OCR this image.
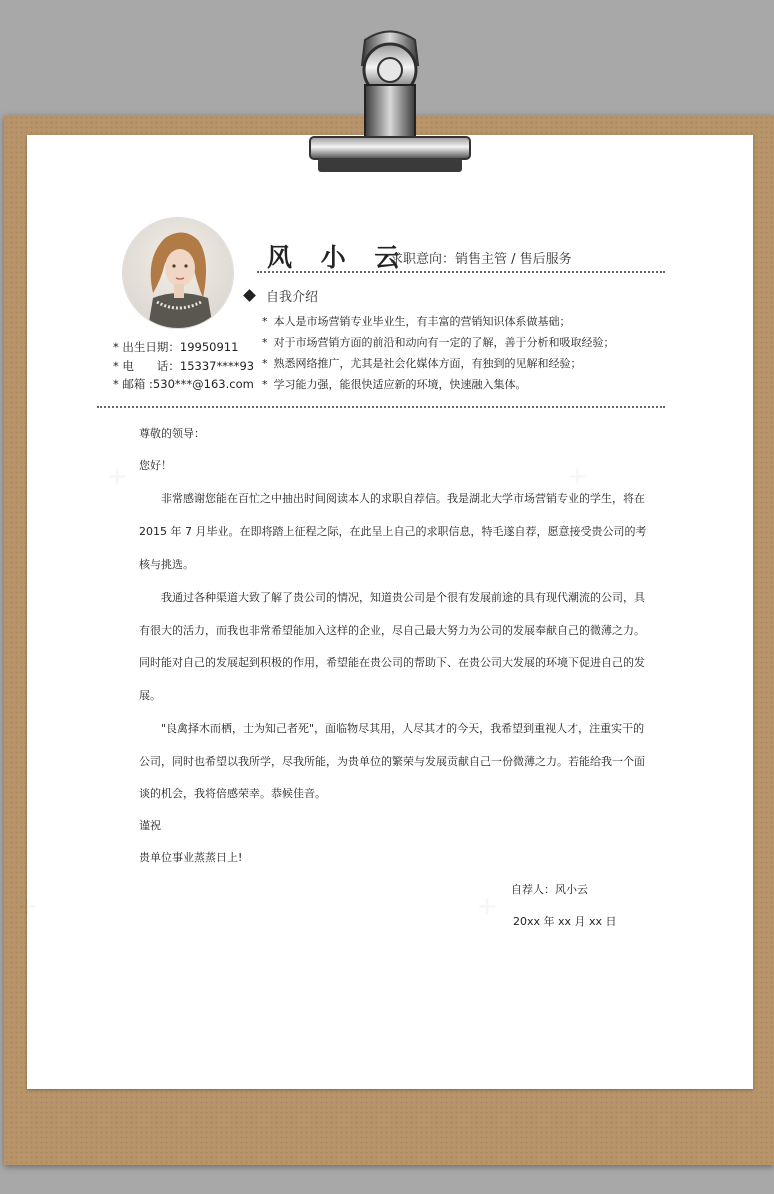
风 小 云
求职意向：销售主管 / 售后服务
自我介绍
* 本人是市场营销专业毕业生，有丰富的营销知识体系做基础；
* 对于市场营销方面的前沿和动向有一定的了解，善于分析和吸取经验；
* 熟悉网络推广，尤其是社会化媒体方面，有独到的见解和经验；
* 学习能力强，能很快适应新的环境，快速融入集体。
* 出生日期：19950911
* 电　　话：15337****93
* 邮箱 :530***@163.com
尊敬的领导：
您好！
非常感谢您能在百忙之中抽出时间阅读本人的求职自荐信。我是湖北大学市场营销专业的学生，将在
2015 年 7 月毕业。在即将踏上征程之际，在此呈上自己的求职信息，特毛遂自荐，愿意接受贵公司的考
核与挑选。
我通过各种渠道大致了解了贵公司的情况，知道贵公司是个很有发展前途的具有现代潮流的公司，具
有很大的活力，而我也非常希望能加入这样的企业，尽自己最大努力为公司的发展奉献自己的微薄之力。
同时能对自己的发展起到积极的作用，希望能在贵公司的帮助下、在贵公司大发展的环境下促进自己的发
展。
"良禽择木而栖，士为知己者死"，面临物尽其用，人尽其才的今天，我希望到重视人才，注重实干的
公司，同时也希望以我所学，尽我所能，为贵单位的繁荣与发展贡献自己一份微薄之力。若能给我一个面
谈的机会，我将倍感荣幸。恭候佳音。
谨祝
贵单位事业蒸蒸日上!
自荐人：风小云
20xx 年 xx 月 xx 日
